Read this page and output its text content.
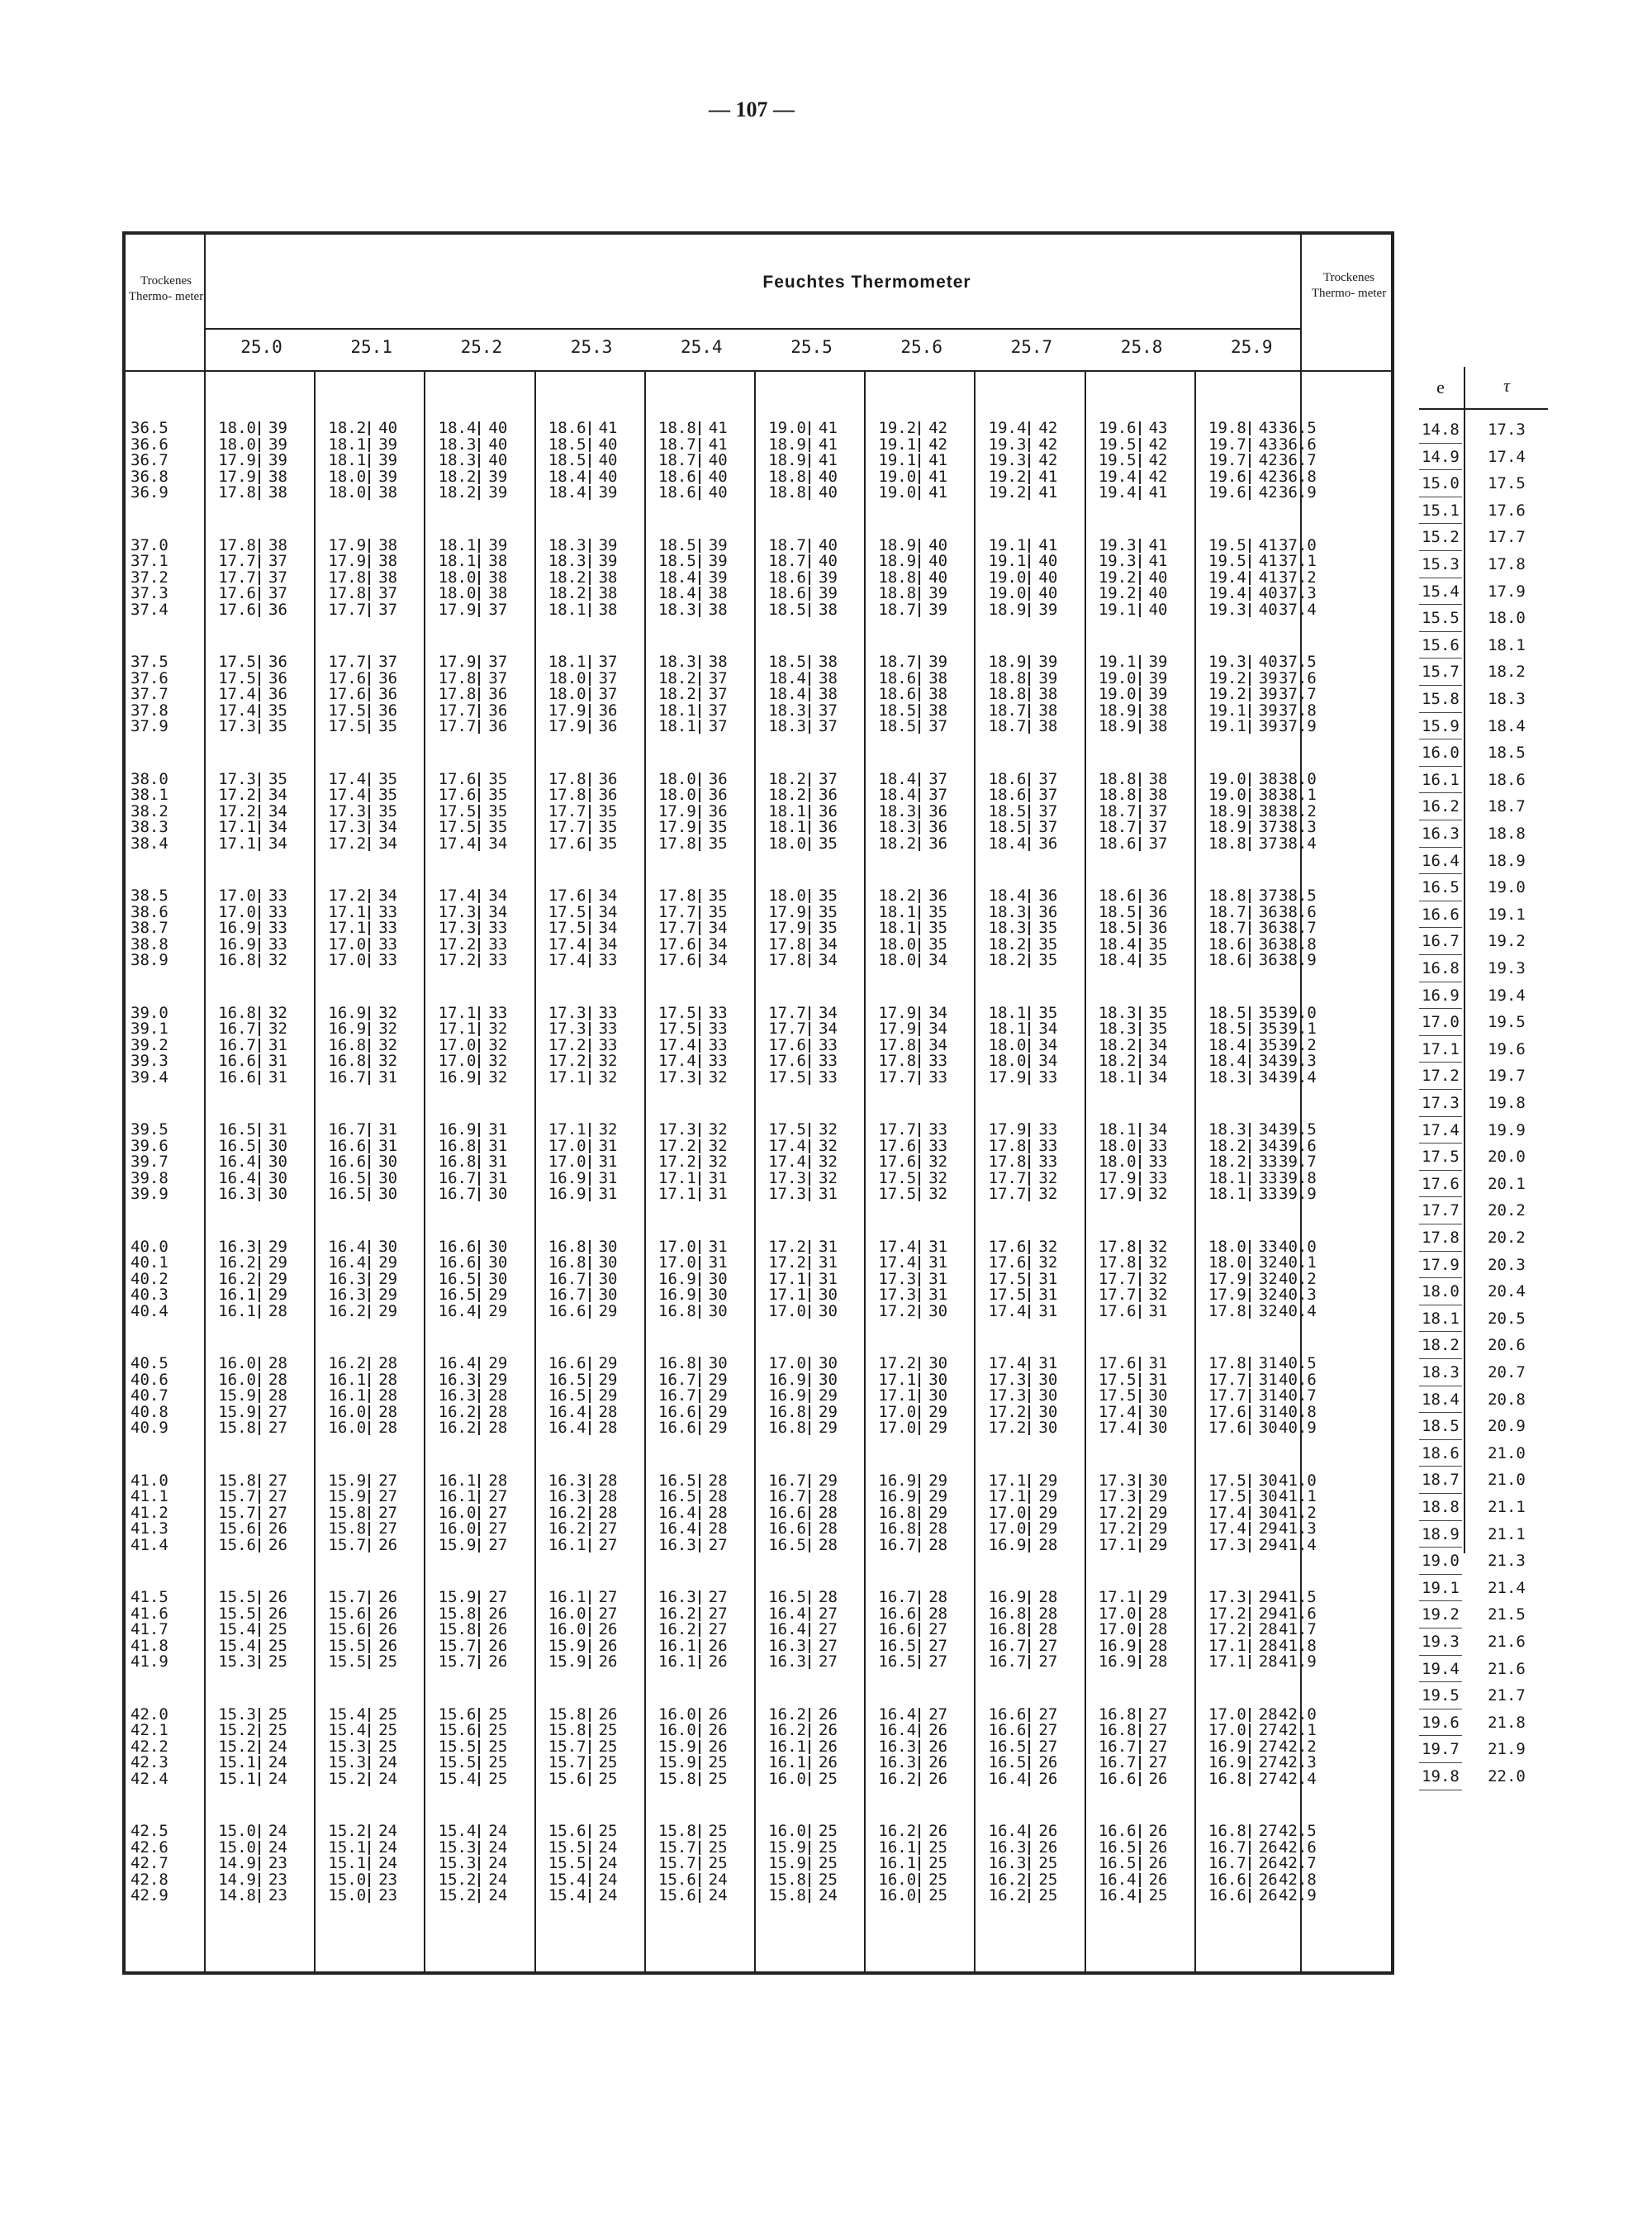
— 107 —
Trockenes Thermo- meter
Trockenes Thermo- meter
Feuchtes Thermometer
25.0	25.1	25.2	25.3	25.4	25.5	25.6	25.7	25.8	25.9
36.5	18.0 39	18.2 40	18.4 40	18.6 41	18.8 41	19.0 41	19.2 42	19.4 42	19.6 43	19.8 43 36.5
36.6	18.0 39	18.1 39	18.3 40	18.5 40	18.7 41	18.9 41	19.1 42	19.3 42	19.5 42	19.7 43 36.6
36.7	17.9 39	18.1 39	18.3 40	18.5 40	18.7 40	18.9 41	19.1 41	19.3 42	19.5 42	19.7 42 36.7
36.8	17.9 38	18.0 39	18.2 39	18.4 40	18.6 40	18.8 40	19.0 41	19.2 41	19.4 42	19.6 42 36.8
36.9	17.8 38	18.0 38	18.2 39	18.4 39	18.6 40	18.8 40	19.0 41	19.2 41	19.4 41	19.6 42 36.9
37.0	17.8 38	17.9 38	18.1 39	18.3 39	18.5 39	18.7 40	18.9 40	19.1 41	19.3 41	19.5 41 37.0
37.1	17.7 37	17.9 38	18.1 38	18.3 39	18.5 39	18.7 40	18.9 40	19.1 40	19.3 41	19.5 41 37.1
37.2	17.7 37	17.8 38	18.0 38	18.2 38	18.4 39	18.6 39	18.8 40	19.0 40	19.2 40	19.4 41 37.2
37.3	17.6 37	17.8 37	18.0 38	18.2 38	18.4 38	18.6 39	18.8 39	19.0 40	19.2 40	19.4 40 37.3
37.4	17.6 36	17.7 37	17.9 37	18.1 38	18.3 38	18.5 38	18.7 39	18.9 39	19.1 40	19.3 40 37.4
37.5	17.5 36	17.7 37	17.9 37	18.1 37	18.3 38	18.5 38	18.7 39	18.9 39	19.1 39	19.3 40 37.5
37.6	17.5 36	17.6 36	17.8 37	18.0 37	18.2 37	18.4 38	18.6 38	18.8 39	19.0 39	19.2 39 37.6
37.7	17.4 36	17.6 36	17.8 36	18.0 37	18.2 37	18.4 38	18.6 38	18.8 38	19.0 39	19.2 39 37.7
37.8	17.4 35	17.5 36	17.7 36	17.9 36	18.1 37	18.3 37	18.5 38	18.7 38	18.9 38	19.1 39 37.8
37.9	17.3 35	17.5 35	17.7 36	17.9 36	18.1 37	18.3 37	18.5 37	18.7 38	18.9 38	19.1 39 37.9
38.0	17.3 35	17.4 35	17.6 35	17.8 36	18.0 36	18.2 37	18.4 37	18.6 37	18.8 38	19.0 38 38.0
38.1	17.2 34	17.4 35	17.6 35	17.8 36	18.0 36	18.2 36	18.4 37	18.6 37	18.8 38	19.0 38 38.1
38.2	17.2 34	17.3 35	17.5 35	17.7 35	17.9 36	18.1 36	18.3 36	18.5 37	18.7 37	18.9 38 38.2
38.3	17.1 34	17.3 34	17.5 35	17.7 35	17.9 35	18.1 36	18.3 36	18.5 37	18.7 37	18.9 37 38.3
38.4	17.1 34	17.2 34	17.4 34	17.6 35	17.8 35	18.0 35	18.2 36	18.4 36	18.6 37	18.8 37 38.4
38.5	17.0 33	17.2 34	17.4 34	17.6 34	17.8 35	18.0 35	18.2 36	18.4 36	18.6 36	18.8 37 38.5
38.6	17.0 33	17.1 33	17.3 34	17.5 34	17.7 35	17.9 35	18.1 35	18.3 36	18.5 36	18.7 36 38.6
38.7	16.9 33	17.1 33	17.3 33	17.5 34	17.7 34	17.9 35	18.1 35	18.3 35	18.5 36	18.7 36 38.7
38.8	16.9 33	17.0 33	17.2 33	17.4 34	17.6 34	17.8 34	18.0 35	18.2 35	18.4 35	18.6 36 38.8
38.9	16.8 32	17.0 33	17.2 33	17.4 33	17.6 34	17.8 34	18.0 34	18.2 35	18.4 35	18.6 36 38.9
39.0	16.8 32	16.9 32	17.1 33	17.3 33	17.5 33	17.7 34	17.9 34	18.1 35	18.3 35	18.5 35 39.0
39.1	16.7 32	16.9 32	17.1 32	17.3 33	17.5 33	17.7 34	17.9 34	18.1 34	18.3 35	18.5 35 39.1
39.2	16.7 31	16.8 32	17.0 32	17.2 33	17.4 33	17.6 33	17.8 34	18.0 34	18.2 34	18.4 35 39.2
39.3	16.6 31	16.8 32	17.0 32	17.2 32	17.4 33	17.6 33	17.8 33	18.0 34	18.2 34	18.4 34 39.3
39.4	16.6 31	16.7 31	16.9 32	17.1 32	17.3 32	17.5 33	17.7 33	17.9 33	18.1 34	18.3 34 39.4
39.5	16.5 31	16.7 31	16.9 31	17.1 32	17.3 32	17.5 32	17.7 33	17.9 33	18.1 34	18.3 34 39.5
39.6	16.5 30	16.6 31	16.8 31	17.0 31	17.2 32	17.4 32	17.6 33	17.8 33	18.0 33	18.2 34 39.6
39.7	16.4 30	16.6 30	16.8 31	17.0 31	17.2 32	17.4 32	17.6 32	17.8 33	18.0 33	18.2 33 39.7
39.8	16.4 30	16.5 30	16.7 31	16.9 31	17.1 31	17.3 32	17.5 32	17.7 32	17.9 33	18.1 33 39.8
39.9	16.3 30	16.5 30	16.7 30	16.9 31	17.1 31	17.3 31	17.5 32	17.7 32	17.9 32	18.1 33 39.9
40.0	16.3 29	16.4 30	16.6 30	16.8 30	17.0 31	17.2 31	17.4 31	17.6 32	17.8 32	18.0 33 40.0
40.1	16.2 29	16.4 29	16.6 30	16.8 30	17.0 31	17.2 31	17.4 31	17.6 32	17.8 32	18.0 32 40.1
40.2	16.2 29	16.3 29	16.5 30	16.7 30	16.9 30	17.1 31	17.3 31	17.5 31	17.7 32	17.9 32 40.2
40.3	16.1 29	16.3 29	16.5 29	16.7 30	16.9 30	17.1 30	17.3 31	17.5 31	17.7 32	17.9 32 40.3
40.4	16.1 28	16.2 29	16.4 29	16.6 29	16.8 30	17.0 30	17.2 30	17.4 31	17.6 31	17.8 32 40.4
40.5	16.0 28	16.2 28	16.4 29	16.6 29	16.8 30	17.0 30	17.2 30	17.4 31	17.6 31	17.8 31 40.5
40.6	16.0 28	16.1 28	16.3 29	16.5 29	16.7 29	16.9 30	17.1 30	17.3 30	17.5 31	17.7 31 40.6
40.7	15.9 28	16.1 28	16.3 28	16.5 29	16.7 29	16.9 29	17.1 30	17.3 30	17.5 30	17.7 31 40.7
40.8	15.9 27	16.0 28	16.2 28	16.4 28	16.6 29	16.8 29	17.0 29	17.2 30	17.4 30	17.6 31 40.8
40.9	15.8 27	16.0 28	16.2 28	16.4 28	16.6 29	16.8 29	17.0 29	17.2 30	17.4 30	17.6 30 40.9
41.0	15.8 27	15.9 27	16.1 28	16.3 28	16.5 28	16.7 29	16.9 29	17.1 29	17.3 30	17.5 30 41.0
41.1	15.7 27	15.9 27	16.1 27	16.3 28	16.5 28	16.7 28	16.9 29	17.1 29	17.3 29	17.5 30 41.1
41.2	15.7 27	15.8 27	16.0 27	16.2 28	16.4 28	16.6 28	16.8 29	17.0 29	17.2 29	17.4 30 41.2
41.3	15.6 26	15.8 27	16.0 27	16.2 27	16.4 28	16.6 28	16.8 28	17.0 29	17.2 29	17.4 29 41.3
41.4	15.6 26	15.7 26	15.9 27	16.1 27	16.3 27	16.5 28	16.7 28	16.9 28	17.1 29	17.3 29 41.4
41.5	15.5 26	15.7 26	15.9 27	16.1 27	16.3 27	16.5 28	16.7 28	16.9 28	17.1 29	17.3 29 41.5
41.6	15.5 26	15.6 26	15.8 26	16.0 27	16.2 27	16.4 27	16.6 28	16.8 28	17.0 28	17.2 29 41.6
41.7	15.4 25	15.6 26	15.8 26	16.0 26	16.2 27	16.4 27	16.6 27	16.8 28	17.0 28	17.2 28 41.7
41.8	15.4 25	15.5 26	15.7 26	15.9 26	16.1 26	16.3 27	16.5 27	16.7 27	16.9 28	17.1 28 41.8
41.9	15.3 25	15.5 25	15.7 26	15.9 26	16.1 26	16.3 27	16.5 27	16.7 27	16.9 28	17.1 28 41.9
42.0	15.3 25	15.4 25	15.6 25	15.8 26	16.0 26	16.2 26	16.4 27	16.6 27	16.8 27	17.0 28 42.0
42.1	15.2 25	15.4 25	15.6 25	15.8 25	16.0 26	16.2 26	16.4 26	16.6 27	16.8 27	17.0 27 42.1
42.2	15.2 24	15.3 25	15.5 25	15.7 25	15.9 26	16.1 26	16.3 26	16.5 27	16.7 27	16.9 27 42.2
42.3	15.1 24	15.3 24	15.5 25	15.7 25	15.9 25	16.1 26	16.3 26	16.5 26	16.7 27	16.9 27 42.3
42.4	15.1 24	15.2 24	15.4 25	15.6 25	15.8 25	16.0 25	16.2 26	16.4 26	16.6 26	16.8 27 42.4
42.5	15.0 24	15.2 24	15.4 24	15.6 25	15.8 25	16.0 25	16.2 26	16.4 26	16.6 26	16.8 27 42.5
42.6	15.0 24	15.1 24	15.3 24	15.5 24	15.7 25	15.9 25	16.1 25	16.3 26	16.5 26	16.7 26 42.6
42.7	14.9 23	15.1 24	15.3 24	15.5 24	15.7 25	15.9 25	16.1 25	16.3 25	16.5 26	16.7 26 42.7
42.8	14.9 23	15.0 23	15.2 24	15.4 24	15.6 24	15.8 25	16.0 25	16.2 25	16.4 26	16.6 26 42.8
42.9	14.8 23	15.0 23	15.2 24	15.4 24	15.6 24	15.8 24	16.0 25	16.2 25	16.4 25	16.6 26 42.9
e	τ
14.8	17.3
14.9	17.4
15.0	17.5
15.1	17.6
15.2	17.7
15.3	17.8
15.4	17.9
15.5	18.0
15.6	18.1
15.7	18.2
15.8	18.3
15.9	18.4
16.0	18.5
16.1	18.6
16.2	18.7
16.3	18.8
16.4	18.9
16.5	19.0
16.6	19.1
16.7	19.2
16.8	19.3
16.9	19.4
17.0	19.5
17.1	19.6
17.2	19.7
17.3	19.8
17.4	19.9
17.5	20.0
17.6	20.1
17.7	20.2
17.8	20.2
17.9	20.3
18.0	20.4
18.1	20.5
18.2	20.6
18.3	20.7
18.4	20.8
18.5	20.9
18.6	21.0
18.7	21.0
18.8	21.1
18.9	21.1
19.0	21.3
19.1	21.4
19.2	21.5
19.3	21.6
19.4	21.6
19.5	21.7
19.6	21.8
19.7	21.9
19.8	22.0
